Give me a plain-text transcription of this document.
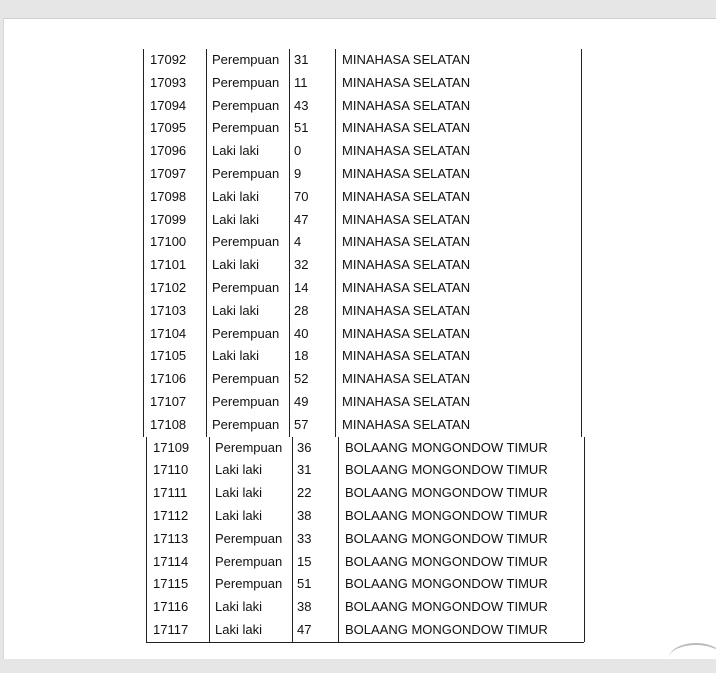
17092 Perempuan 31	MINAHASA SELATAN
17093 Perempuan 11	MINAHASA SELATAN
17094 Perempuan 43	MINAHASA SELATAN
17095 Perempuan 51	MINAHASA SELATAN
17096 Laki laki	0	MINAHASA SELATAN
17097 Perempuan 9	MINAHASA SELATAN
17098 Laki laki	70	MINAHASA SELATAN
17099 Laki laki	47	MINAHASA SELATAN
17100 Perempuan 4	MINAHASA SELATAN
17101 Laki laki	32	MINAHASA SELATAN
17102 Perempuan 14	MINAHASA SELATAN
17103 Laki laki	28	MINAHASA SELATAN
17104 Perempuan 40	MINAHASA SELATAN
17105 Laki laki	18	MINAHASA SELATAN
17106 Perempuan 52	MINAHASA SELATAN
17107 Perempuan 49	MINAHASA SELATAN
17108 Perempuan 57	MINAHASA SELATAN
17109 Perempuan 36	BOLAANG MONGONDOW TIMUR
17110 Laki laki	31	BOLAANG MONGONDOW TIMUR
17111 Laki laki	22	BOLAANG MONGONDOW TIMUR
17112 Laki laki	38	BOLAANG MONGONDOW TIMUR
17113 Perempuan 33	BOLAANG MONGONDOW TIMUR
17114 Perempuan 15	BOLAANG MONGONDOW TIMUR
17115 Perempuan 51	BOLAANG MONGONDOW TIMUR
17116 Laki laki	38	BOLAANG MONGONDOW TIMUR
17117 Laki laki	47	BOLAANG MONGONDOW TIMUR
